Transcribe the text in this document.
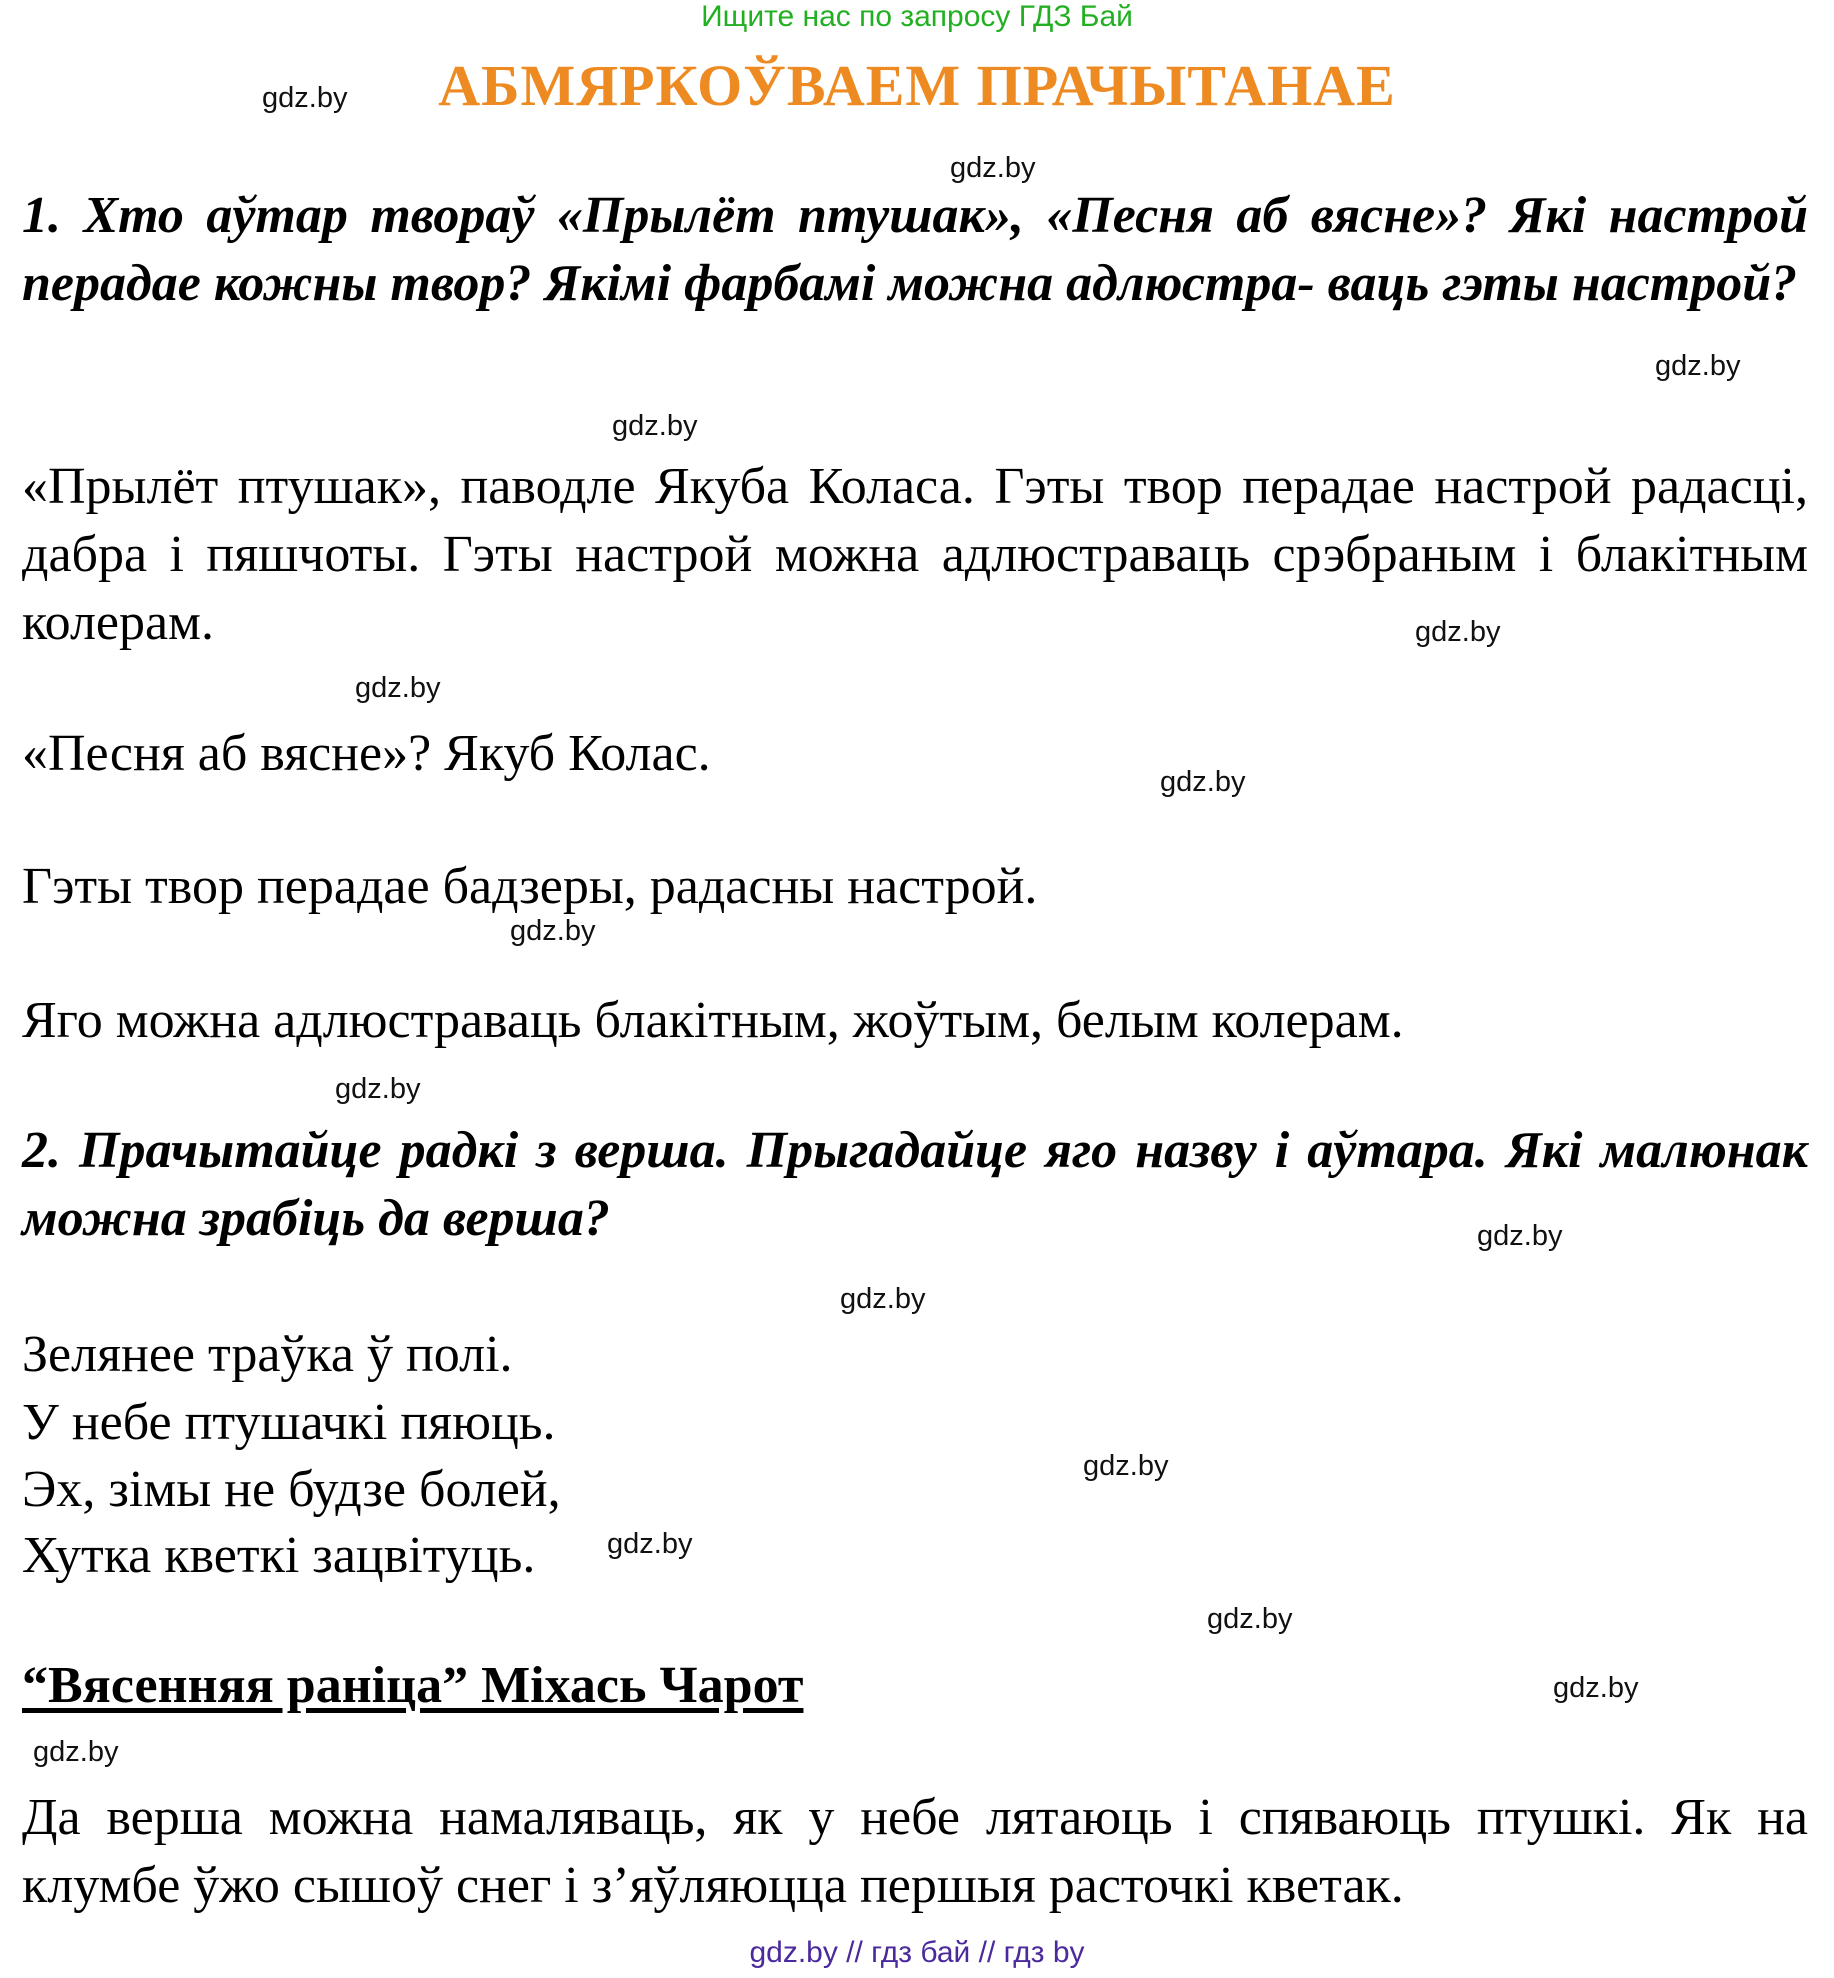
Ищите нас по запросу ГДЗ Бай
АБМЯРКОЎВАЕМ ПРАЧЫТАНАЕ
gdz.by
gdz.by
1. Хто аўтар твораў «Прылёт птушак», «Песня аб вясне»? Які настрой перадае кожны твор? Якімі фарбамі можна адлюстра- ваць гэты настрой?
gdz.by
gdz.by
«Прылёт птушак», паводле Якуба Коласа. Гэты твор перадае настрой радасці, дабра і пяшчоты. Гэты настрой можна адлюстраваць срэбраным і блакітным колерам.	gdz.by
gdz.by
«Песня аб вясне»? Якуб Колас.	gdz.by
Гэты твор перадае бадзеры, радасны настрой.
gdz.by
Яго можна адлюстраваць блакітным, жоўтым, белым колерам.
gdz.by
2. Прачытайце радкі з верша. Прыгадайце яго назву і аўтара. Які малюнак можна зрабіць да верша?	gdz.by
gdz.by
Зелянее траўка ў полі.
У небе птушачкі пяюць.
gdz.by
Эх, зімы не будзе болей,
Хутка кветкі зацвітуць. gdz.by
gdz.by
“Вясенняя раніца” Міхась Чарот	gdz.by
gdz.by
Да верша можна намаляваць, як у небе лятаюць і спяваюць птушкі. Як на клумбе ўжо сышоў снег і з’яўляюцца першыя расточкі кветак.
gdz.by // гдз бай // гдз by
